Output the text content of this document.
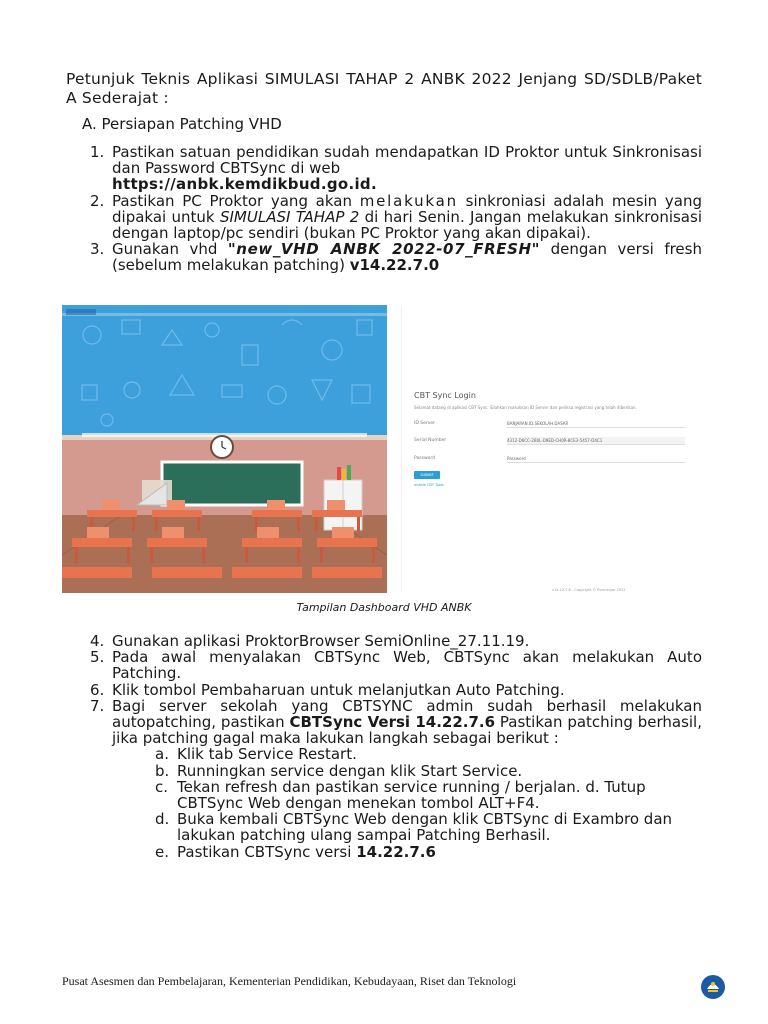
Petunjuk Teknis Aplikasi SIMULASI TAHAP 2 ANBK 2022 Jenjang SD/SDLB/Paket A Sederajat :
A. Persiapan Patching VHD
1. Pastikan satuan pendidikan sudah mendapatkan ID Proktor untuk Sinkronisasi dan Password CBTSync di web
https://anbk.kemdikbud.go.id.
2. Pastikan PC Proktor yang akan melakukan sinkroniasi adalah mesin yang dipakai untuk SIMULASI TAHAP 2 di hari Senin. Jangan melakukan sinkronisasi dengan laptop/pc sendiri (bukan PC Proktor yang akan dipakai).
3. Gunakan vhd "new_VHD ANBK 2022-07_FRESH" dengan versi fresh (sebelum melakukan patching) v14.22.7.0
CBT Sync Login
Selamat datang di aplikasi CBT Sync. Silahkan masukkan ID Server dan periksa registrasi yang telah diberikan.
ID Server	BANJARAN.ID.SEKOLAH.DASAR
Serial Number	4312-D6CC-2B0L-D9ED-CH0R-8CE3-5457-D4C1
Password	Password
SUBMIT
enable CBT Tools
v14.22.7.6 - Copyright © Pusmenjar 2022
Tampilan Dashboard VHD ANBK
4. Gunakan aplikasi ProktorBrowser SemiOnline_27.11.19.
5. Pada awal menyalakan CBTSync Web, CBTSync akan melakukan Auto Patching.
6. Klik tombol Pembaharuan untuk melanjutkan Auto Patching.
7. Bagi server sekolah yang CBTSYNC admin sudah berhasil melakukan autopatching, pastikan CBTSync Versi 14.22.7.6 Pastikan patching berhasil, jika patching gagal maka lakukan langkah sebagai berikut :
a. Klik tab Service Restart.
b. Runningkan service dengan klik Start Service.
c. Tekan refresh dan pastikan service running / berjalan. d. Tutup CBTSync Web dengan menekan tombol ALT+F4.
d. Buka kembali CBTSync Web dengan klik CBTSync di Exambro dan lakukan patching ulang sampai Patching Berhasil.
e. Pastikan CBTSync versi 14.22.7.6
Pusat Asesmen dan Pembelajaran, Kementerian Pendidikan, Kebudayaan, Riset dan Teknologi
